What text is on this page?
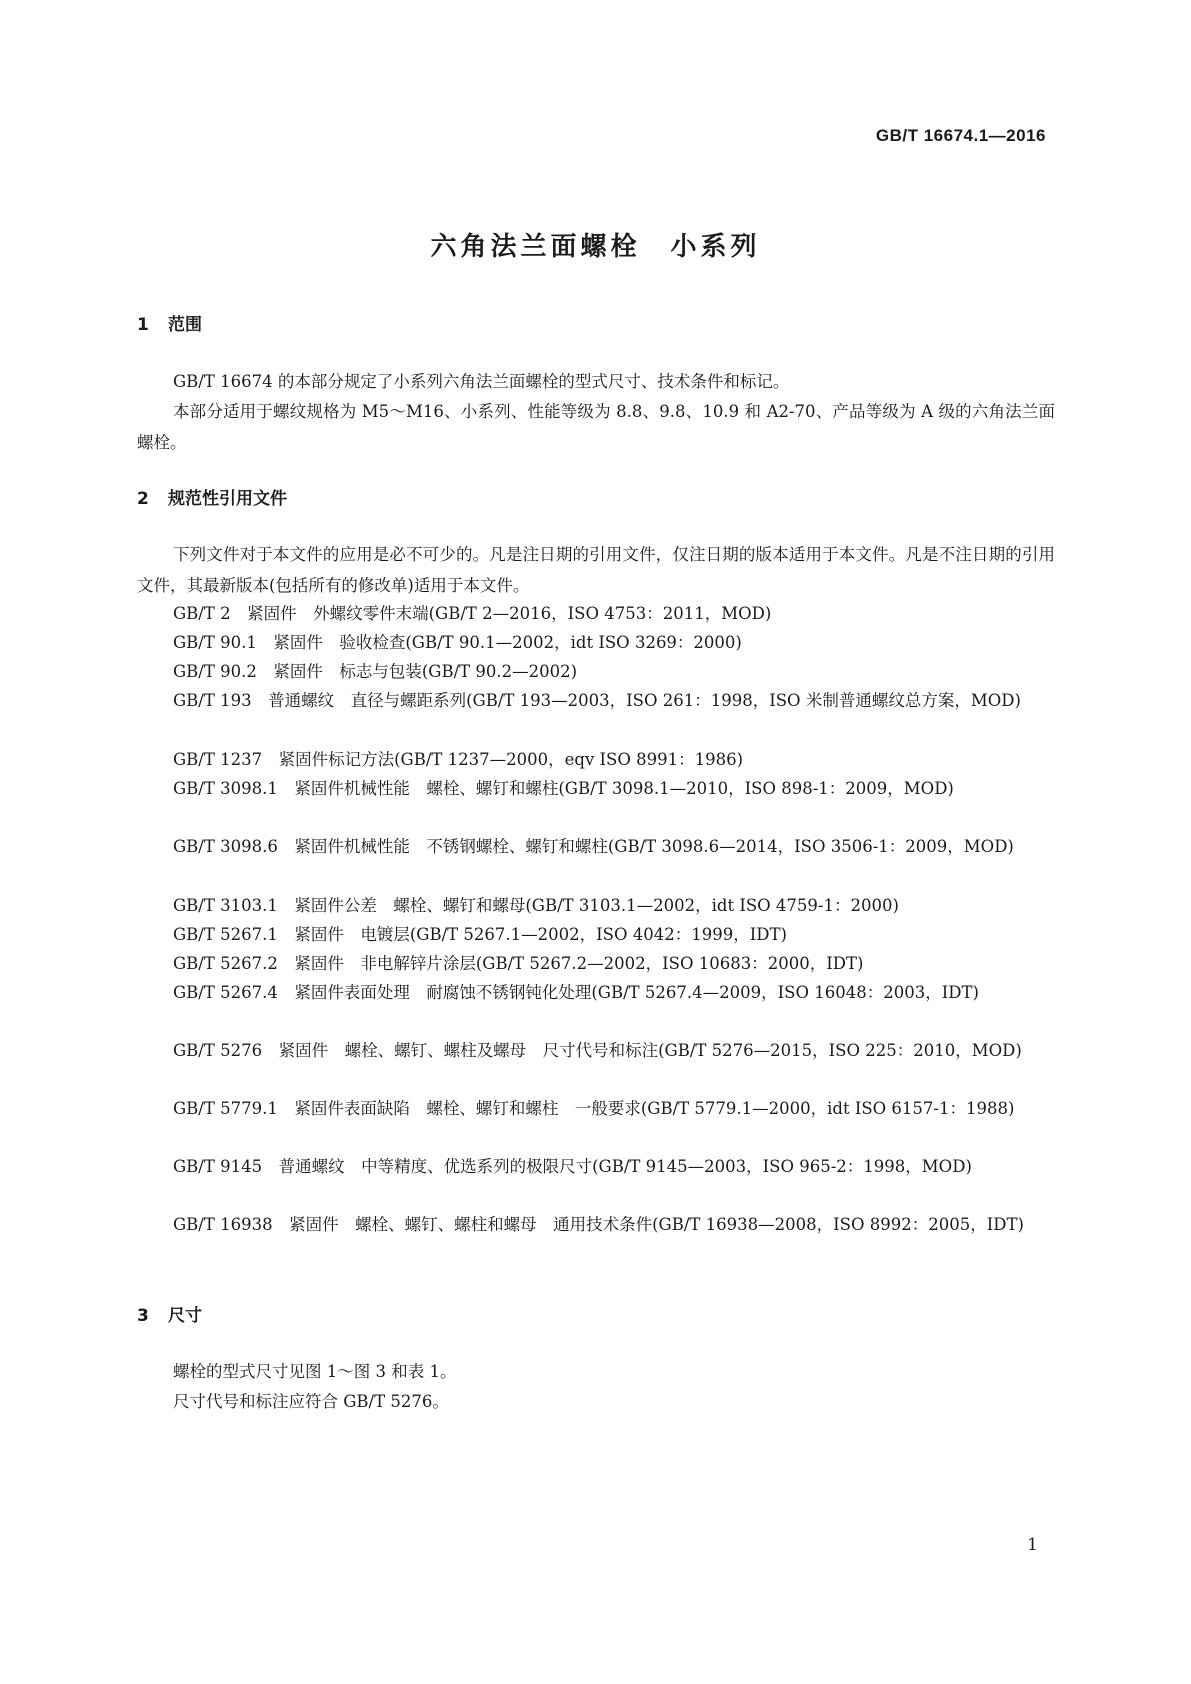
GB/T 16674.1—2016
六角法兰面螺栓　小系列
1 范围

GB/T 16674 的本部分规定了小系列六角法兰面螺栓的型式尺寸、技术条件和标记。

本部分适用于螺纹规格为 M5～M16、小系列、性能等级为 8.8、9.8、10.9 和 A2-70、产品等级为 A 级的六角法兰面螺栓。

2 规范性引用文件

下列文件对于本文件的应用是必不可少的。凡是注日期的引用文件，仅注日期的版本适用于本文件。凡是不注日期的引用文件，其最新版本(包括所有的修改单)适用于本文件。

GB/T 2　紧固件　外螺纹零件末端(GB/T 2—2016，ISO 4753：2011，MOD)

GB/T 90.1　紧固件　验收检查(GB/T 90.1—2002，idt ISO 3269：2000)

GB/T 90.2　紧固件　标志与包装(GB/T 90.2—2002)

GB/T 193　普通螺纹　直径与螺距系列(GB/T 193—2003，ISO 261：1998，ISO 米制普通螺纹总方案，MOD)

GB/T 1237　紧固件标记方法(GB/T 1237—2000，eqv ISO 8991：1986)

GB/T 3098.1　紧固件机械性能　螺栓、螺钉和螺柱(GB/T 3098.1—2010，ISO 898-1：2009，MOD)

GB/T 3098.6　紧固件机械性能　不锈钢螺栓、螺钉和螺柱(GB/T 3098.6—2014，ISO 3506-1：2009，MOD)

GB/T 3103.1　紧固件公差　螺栓、螺钉和螺母(GB/T 3103.1—2002，idt ISO 4759-1：2000)

GB/T 5267.1　紧固件　电镀层(GB/T 5267.1—2002，ISO 4042：1999，IDT)

GB/T 5267.2　紧固件　非电解锌片涂层(GB/T 5267.2—2002，ISO 10683：2000，IDT)

GB/T 5267.4　紧固件表面处理　耐腐蚀不锈钢钝化处理(GB/T 5267.4—2009，ISO 16048：2003，IDT)

GB/T 5276　紧固件　螺栓、螺钉、螺柱及螺母　尺寸代号和标注(GB/T 5276—2015，ISO 225：2010，MOD)

GB/T 5779.1　紧固件表面缺陷　螺栓、螺钉和螺柱　一般要求(GB/T 5779.1—2000，idt ISO 6157-1：1988)

GB/T 9145　普通螺纹　中等精度、优选系列的极限尺寸(GB/T 9145—2003，ISO 965-2：1998，MOD)

GB/T 16938　紧固件　螺栓、螺钉、螺柱和螺母　通用技术条件(GB/T 16938—2008，ISO 8992：2005，IDT)

3 尺寸

螺栓的型式尺寸见图 1～图 3 和表 1。

尺寸代号和标注应符合 GB/T 5276。

1
